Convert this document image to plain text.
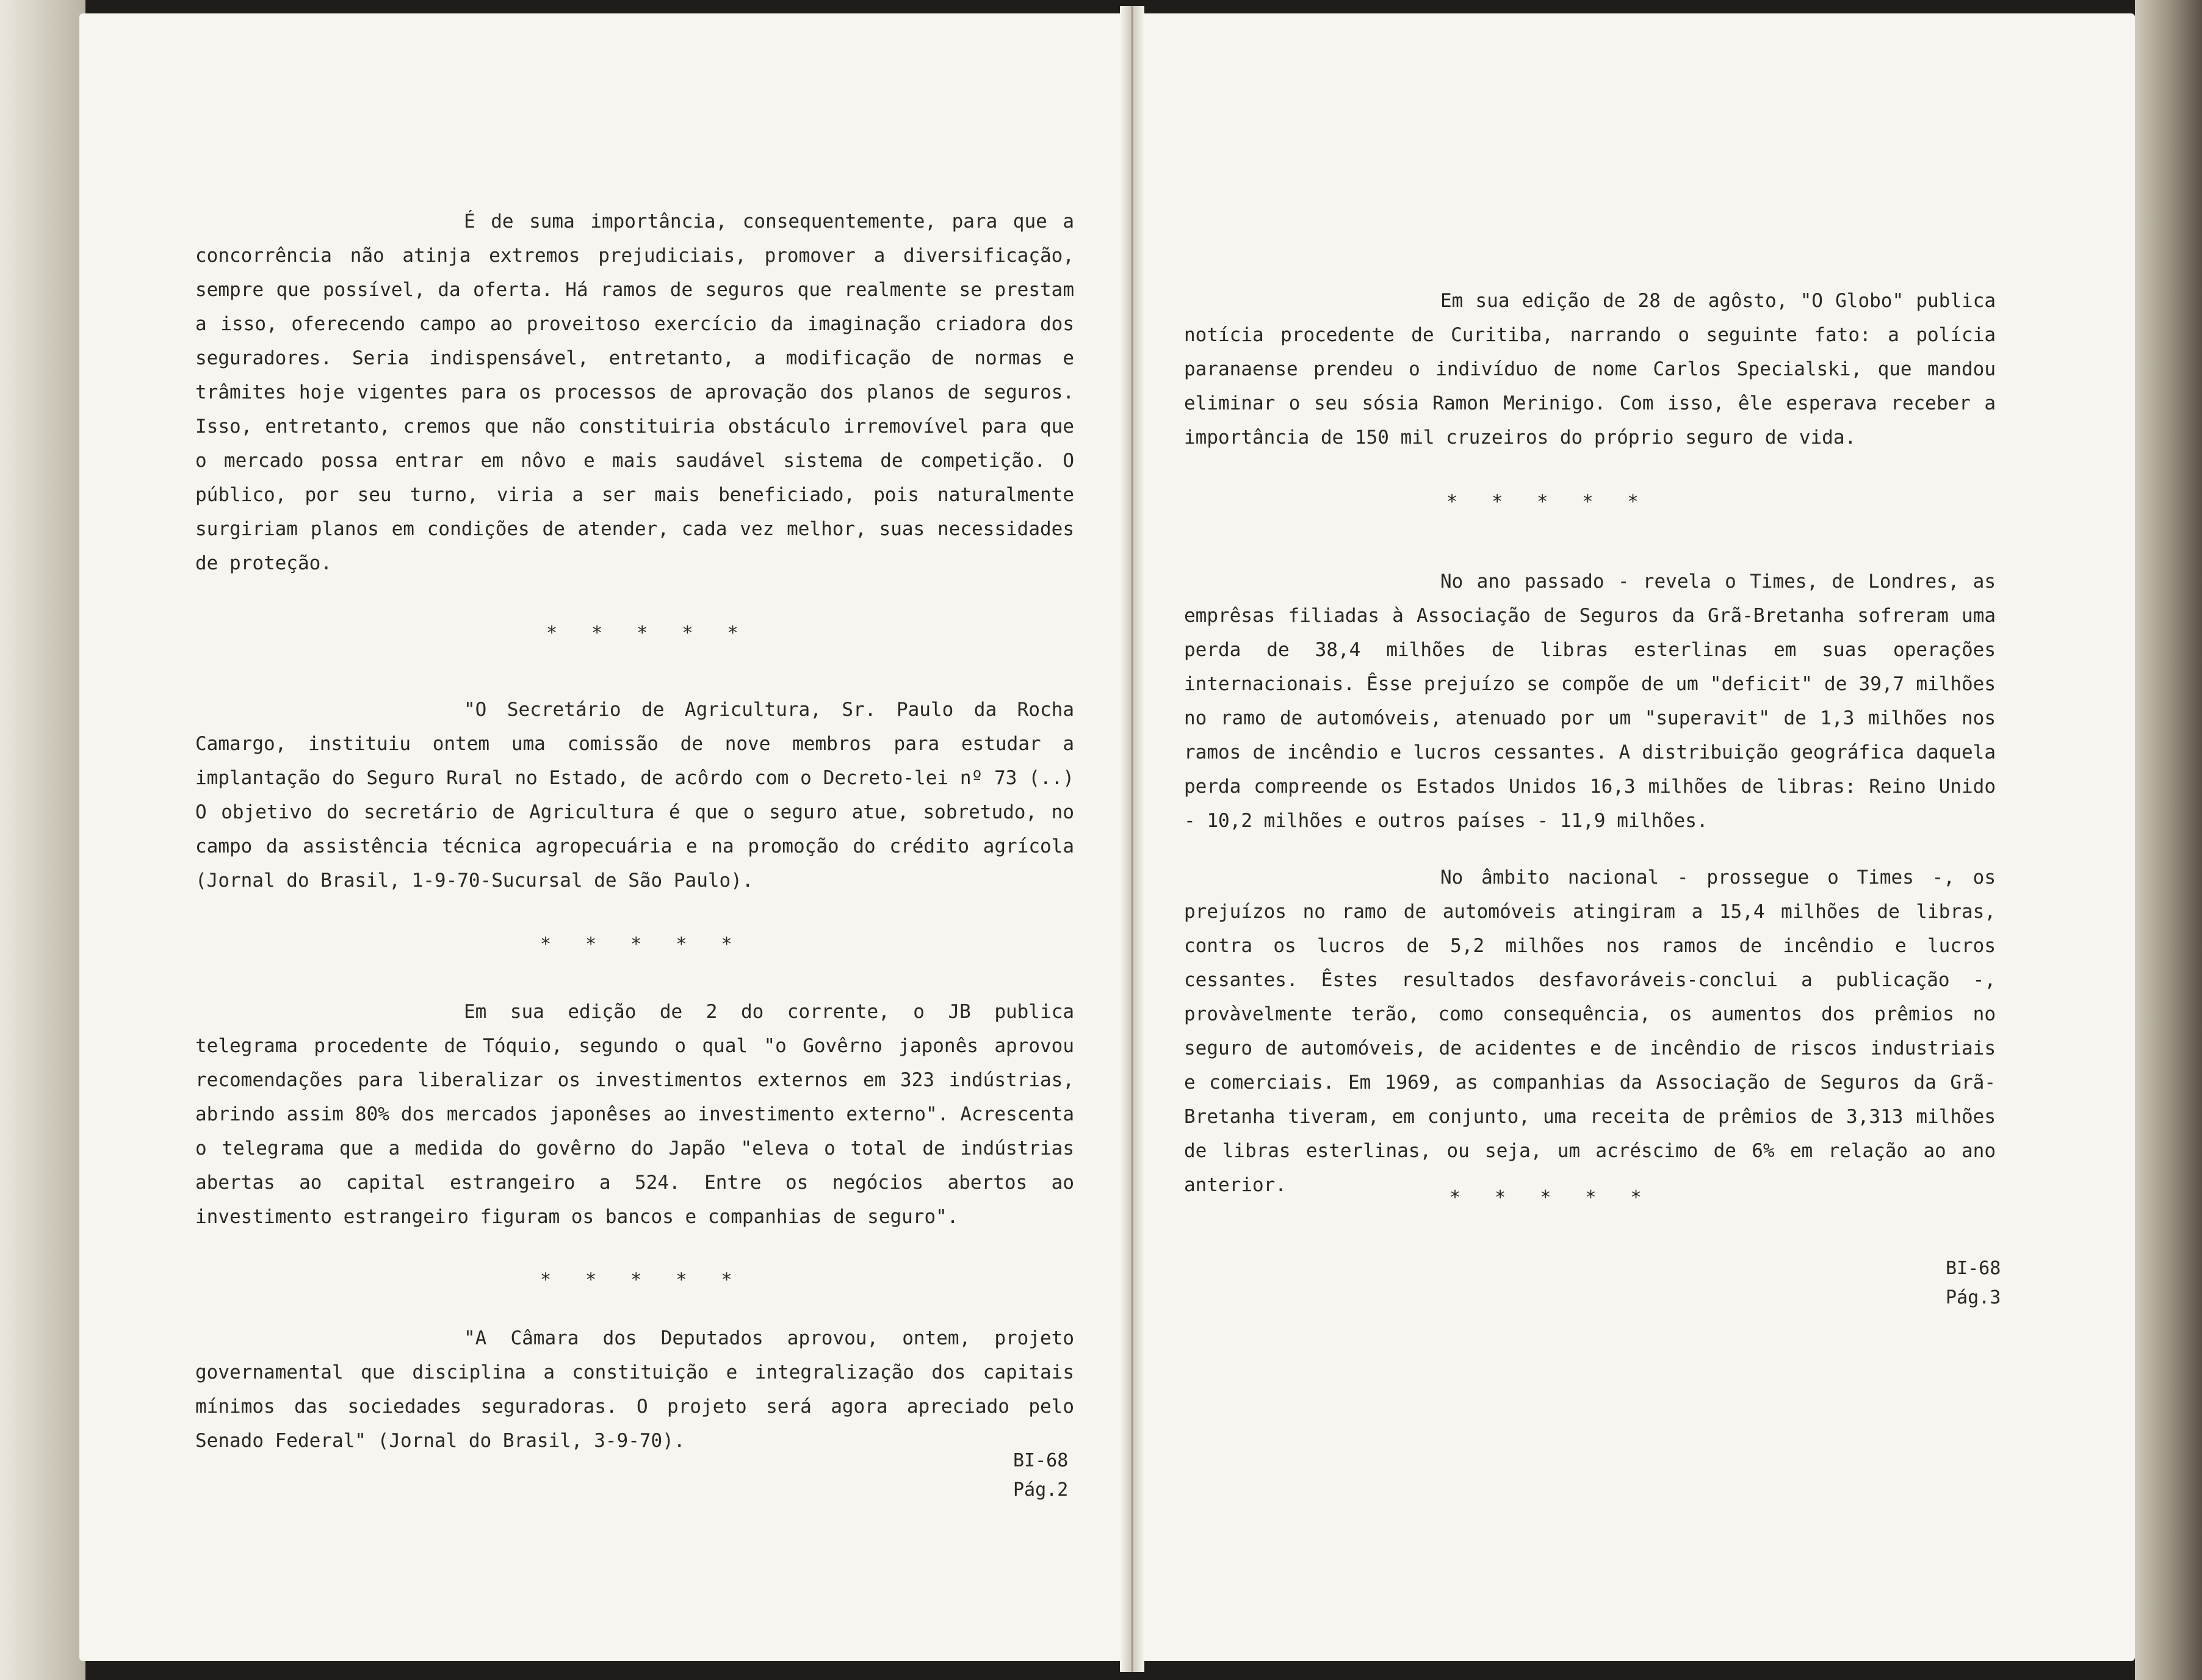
É de suma importância, consequentemente, para que a concorrência não atinja extremos prejudiciais, promover a diversificação, sempre que possível, da oferta. Há ramos de seguros que realmente se prestam a isso, oferecendo campo ao proveitoso exercício da imaginação criadora dos seguradores. Seria indispensável, entretanto, a modificação de normas e trâmites hoje vigentes para os processos de aprovação dos planos de seguros. Isso, entretanto, cremos que não constituiria obstáculo irremovível para que o mercado possa entrar em nôvo e mais saudável sistema de competição. O público, por seu turno, viria a ser mais beneficiado, pois naturalmente surgiriam planos em condições de atender, cada vez melhor, suas necessidades de proteção.

* * * * *

"O Secretário de Agricultura, Sr. Paulo da Rocha Camargo, instituiu ontem uma comissão de nove membros para estudar a implantação do Seguro Rural no Estado, de acôrdo com o Decreto-lei nº 73 (..) O objetivo do secretário de Agricultura é que o seguro atue, sobretudo, no campo da assistência técnica agropecuária e na promoção do crédito agrícola (Jornal do Brasil, 1-9-70-Sucursal de São Paulo).

* * * * *

Em sua edição de 2 do corrente, o JB publica telegrama procedente de Tóquio, segundo o qual "o Govêrno japonês aprovou recomendações para liberalizar os investimentos externos em 323 indústrias, abrindo assim 80% dos mercados japonêses ao investimento externo". Acrescenta o telegrama que a medida do govêrno do Japão "eleva o total de indústrias abertas ao capital estrangeiro a 524. Entre os negócios abertos ao investimento estrangeiro figuram os bancos e companhias de seguro".

* * * * *

"A Câmara dos Deputados aprovou, ontem, projeto governamental que disciplina a constituição e integralização dos capitais mínimos das sociedades seguradoras. O projeto será agora apreciado pelo Senado Federal" (Jornal do Brasil, 3-9-70).

BI-68
Pág.2

Em sua edição de 28 de agôsto, "O Globo" publica notícia procedente de Curitiba, narrando o seguinte fato: a polícia paranaense prendeu o indivíduo de nome Carlos Specialski, que mandou eliminar o seu sósia Ramon Merinigo. Com isso, êle esperava receber a importância de 150 mil cruzeiros do próprio seguro de vida.

* * * * *

No ano passado - revela o Times, de Londres, as emprêsas filiadas à Associação de Seguros da Grã-Bretanha sofreram uma perda de 38,4 milhões de libras esterlinas em suas operações internacionais. Êsse prejuízo se compõe de um "deficit" de 39,7 milhões no ramo de automóveis, atenuado por um "superavit" de 1,3 milhões nos ramos de incêndio e lucros cessantes. A distribuição geográfica daquela perda compreende os Estados Unidos 16,3 milhões de libras: Reino Unido - 10,2 milhões e outros países - 11,9 milhões.

No âmbito nacional - prossegue o Times -, os prejuízos no ramo de automóveis atingiram a 15,4 milhões de libras, contra os lucros de 5,2 milhões nos ramos de incêndio e lucros cessantes. Êstes resultados desfavoráveis-conclui a publicação -, provàvelmente terão, como consequência, os aumentos dos prêmios no seguro de automóveis, de acidentes e de incêndio de riscos industriais e comerciais. Em 1969, as companhias da Associação de Seguros da Grã-Bretanha tiveram, em conjunto, uma receita de prêmios de 3,313 milhões de libras esterlinas, ou seja, um acréscimo de 6% em relação ao ano anterior.

* * * * *
BI-68
Pág.3
